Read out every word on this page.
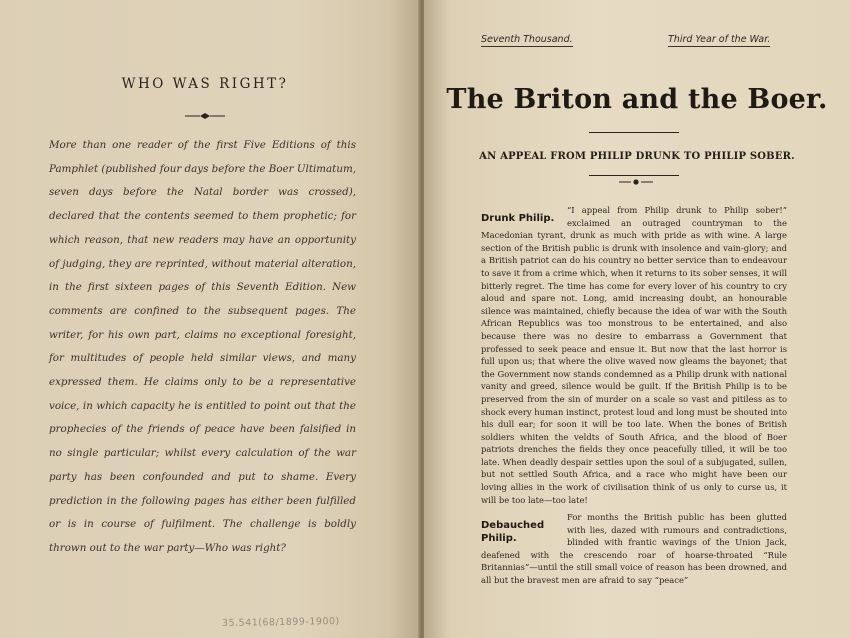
WHO WAS RIGHT?

More than one reader of the first Five Editions of this Pamphlet (published four days before the Boer Ultimatum, seven days before the Natal border was crossed), declared that the contents seemed to them prophetic; for which reason, that new readers may have an opportunity of judging, they are reprinted, without material alteration, in the first sixteen pages of this Seventh Edition. New comments are confined to the subsequent pages. The writer, for his own part, claims no exceptional foresight, for multitudes of people held similar views, and many expressed them. He claims only to be a representative voice, in which capacity he is entitled to point out that the prophecies of the friends of peace have been falsified in no single particular; whilst every calculation of the war party has been confounded and put to shame. Every prediction in the following pages has either been fulfilled or is in course of fulfilment. The challenge is boldly thrown out to the war party—Who was right?

35.541(68/1899-1900)
Seventh Thousand.	Third Year of the War.
The Briton and the Boer.
AN APPEAL FROM PHILIP DRUNK TO PHILIP SOBER.
Drunk Philip.
“I appeal from Philip drunk to Philip sober!” exclaimed an outraged countryman to the Macedonian tyrant, drunk as much with pride as with wine. A large section of the British public is drunk with insolence and vain-glory; and a British patriot can do his country no better service than to endeavour to save it from a crime which, when it returns to its sober senses, it will bitterly regret. The time has come for every lover of his country to cry aloud and spare not. Long, amid increasing doubt, an honourable silence was maintained, chiefly because the idea of war with the South African Republics was too monstrous to be entertained, and also because there was no desire to embarrass a Government that professed to seek peace and ensue it. But now that the last horror is full upon us; that where the olive waved now gleams the bayonet; that the Government now stands condemned as a Philip drunk with national vanity and greed, silence would be guilt. If the British Philip is to be preserved from the sin of murder on a scale so vast and pitiless as to shock every human instinct, protest loud and long must be shouted into his dull ear; for soon it will be too late. When the bones of British soldiers whiten the veldts of South Africa, and the blood of Boer patriots drenches the fields they once peacefully tilled, it will be too late. When deadly despair settles upon the soul of a subjugated, sullen, but not settled South Africa, and a race who might have been our loving allies in the work of civilisation think of us only to curse us, it will be too late—too late!
Debauched Philip.
For months the British public has been glutted with lies, dazed with rumours and contradictions, blinded with frantic wavings of the Union Jack, deafened with the crescendo roar of hoarse-throated “Rule Britannias”—until the still small voice of reason has been drowned, and all but the bravest men are afraid to say “peace”
